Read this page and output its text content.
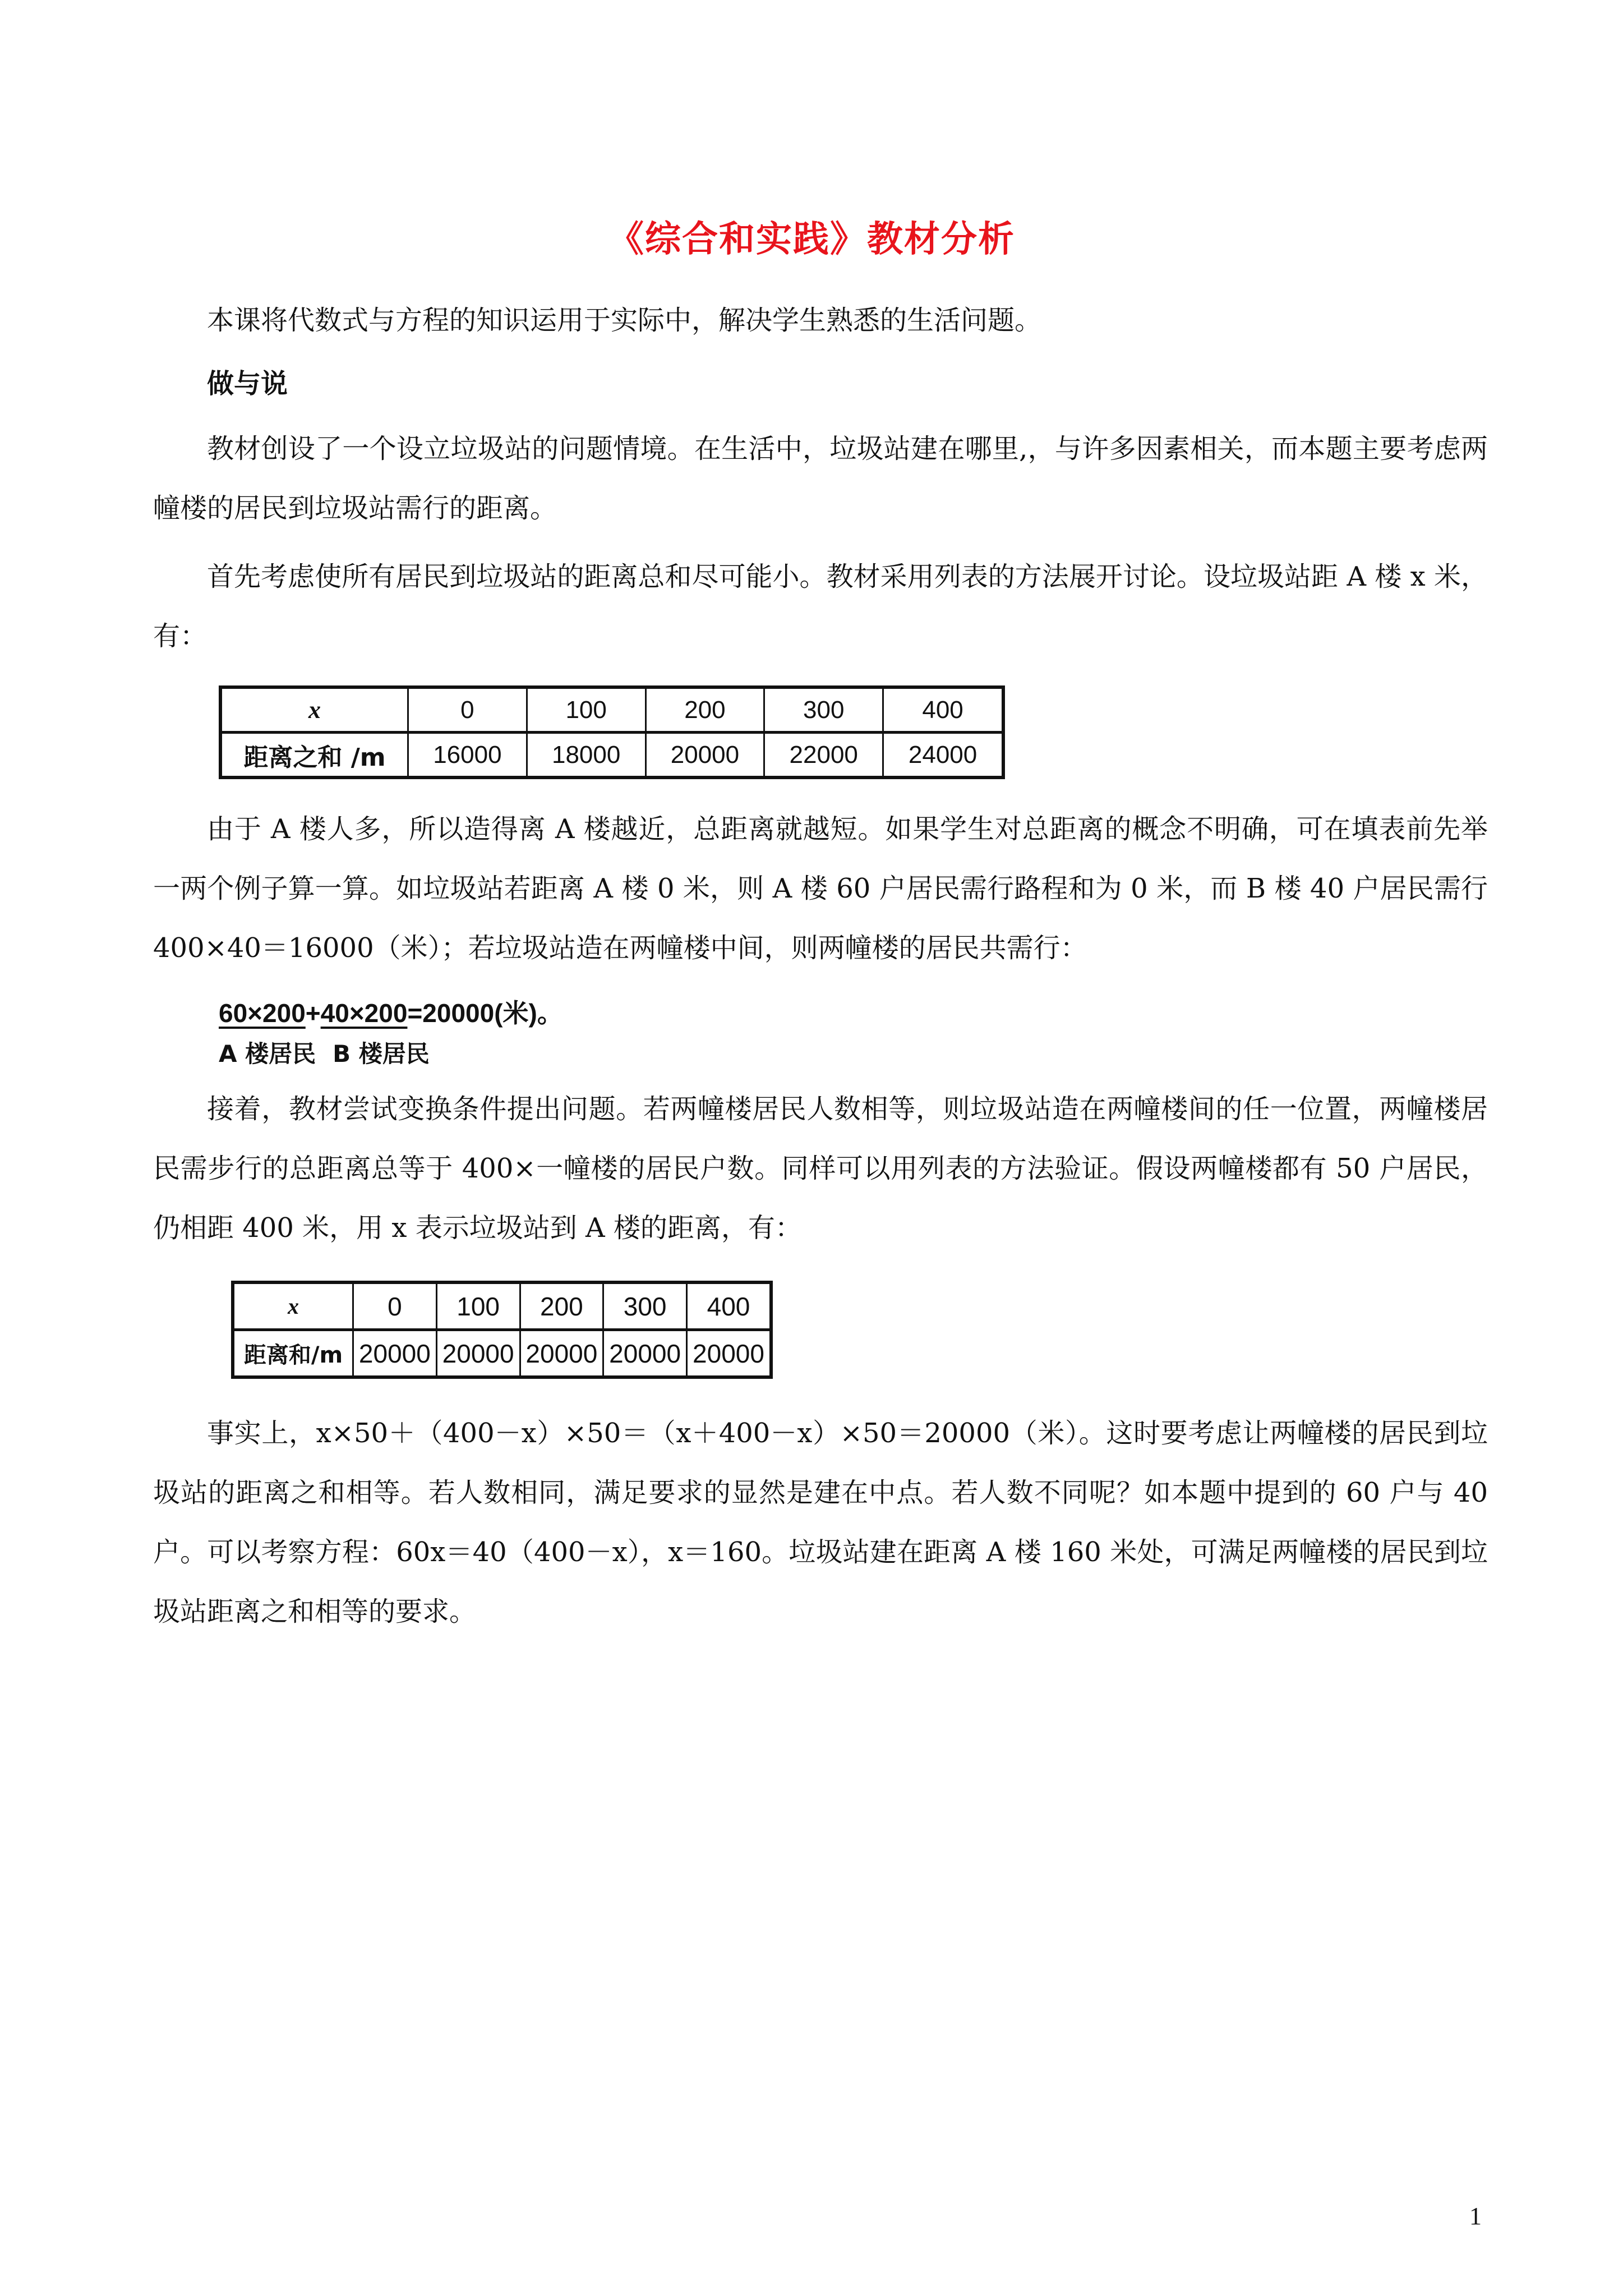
《综合和实践》教材分析

本课将代数式与方程的知识运用于实际中，解决学生熟悉的生活问题。

做与说

教材创设了一个设立垃圾站的问题情境。在生活中，垃圾站建在哪里,，与许多因素相关，而本题主要考虑两幢楼的居民到垃圾站需行的距离。

首先考虑使所有居民到垃圾站的距离总和尽可能小。教材采用列表的方法展开讨论。设垃圾站距 A 楼 x 米，有：

x	0	100	200	300	400
距离之和 /m	16000	18000	20000	22000	24000

由于 A 楼人多，所以造得离 A 楼越近，总距离就越短。如果学生对总距离的概念不明确，可在填表前先举一两个例子算一算。如垃圾站若距离 A 楼 0 米，则 A 楼 60 户居民需行路程和为 0 米，而 B 楼 40 户居民需行 400×40＝16000（米）；若垃圾站造在两幢楼中间，则两幢楼的居民共需行：

60×200+40×200=20000(米)。
A 楼居民 B 楼居民

接着，教材尝试变换条件提出问题。若两幢楼居民人数相等，则垃圾站造在两幢楼间的任一位置，两幢楼居民需步行的总距离总等于 400×一幢楼的居民户数。同样可以用列表的方法验证。假设两幢楼都有 50 户居民，仍相距 400 米，用 x 表示垃圾站到 A 楼的距离，有：

x	0	100	200	300	400
距离和/m	20000	20000	20000	20000	20000

事实上，x×50＋（400－x）×50＝（x＋400－x）×50＝20000（米）。这时要考虑让两幢楼的居民到垃圾站的距离之和相等。若人数相同，满足要求的显然是建在中点。若人数不同呢？如本题中提到的 60 户与 40 户。可以考察方程：60x＝40（400－x），x＝160。垃圾站建在距离 A 楼 160 米处，可满足两幢楼的居民到垃圾站距离之和相等的要求。

1
